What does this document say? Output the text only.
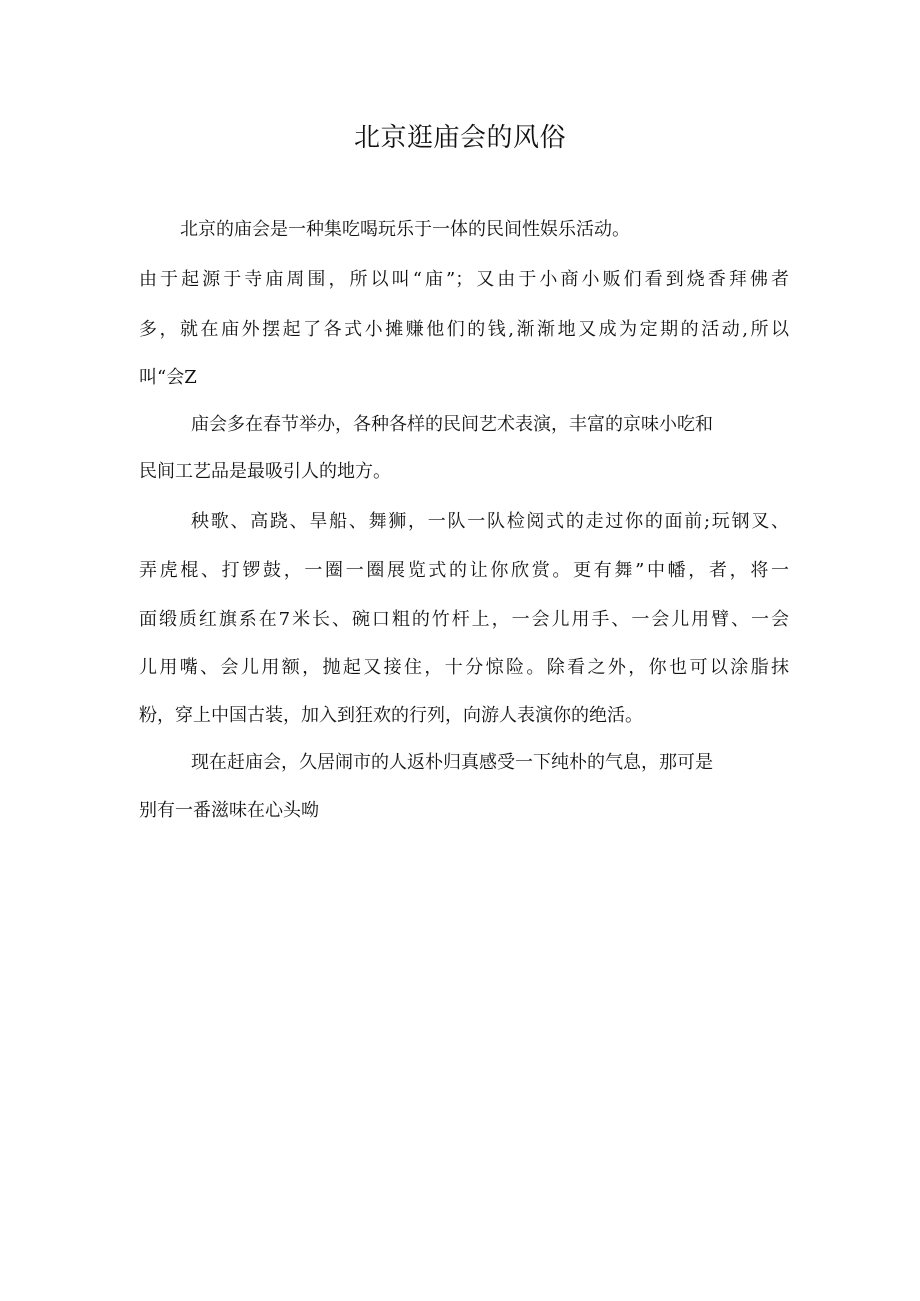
北京逛庙会的风俗

北京的庙会是一种集吃喝玩乐于一体的民间性娱乐活动。

由于起源于寺庙周围，所以叫“庙”；又由于小商小贩们看到烧香拜佛者

多，就在庙外摆起了各式小摊赚他们的钱,渐渐地又成为定期的活动,所以

叫“会Z

庙会多在春节举办，各种各样的民间艺术表演，丰富的京味小吃和

民间工艺品是最吸引人的地方。

秧歌、高跷、旱船、舞狮，一队一队检阅式的走过你的面前;玩钢叉、

弄虎棍、打锣鼓，一圈一圈展览式的让你欣赏。更有舞”中幡，者，将一

面缎质红旗系在7米长、碗口粗的竹杆上，一会儿用手、一会儿用臂、一会

儿用嘴、会儿用额，抛起又接住，十分惊险。除看之外，你也可以涂脂抹

粉，穿上中国古装，加入到狂欢的行列，向游人表演你的绝活。

现在赶庙会，久居闹市的人返朴归真感受一下纯朴的气息，那可是

别有一番滋味在心头呦
